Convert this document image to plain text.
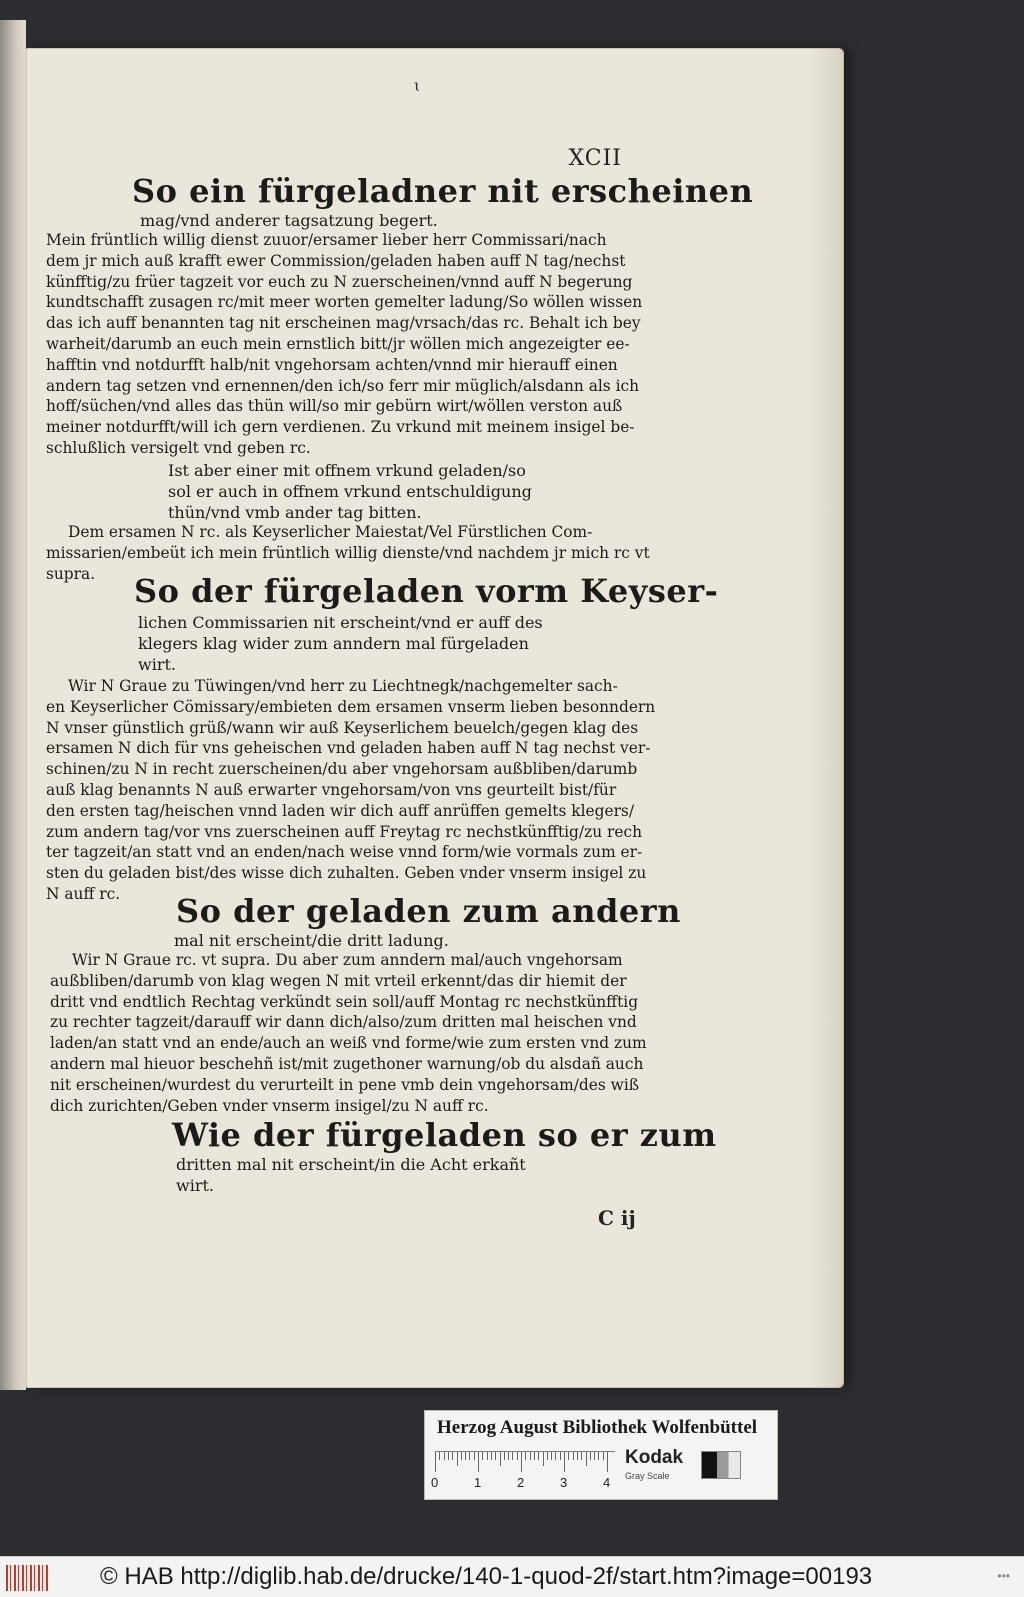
ɩ
XCII
So ein fürgeladner nit erscheinen
mag/vnd anderer tagsatzung begert.
Mein früntlich willig dienst zuuor/ersamer lieber herr Commissari/nach
dem jr mich auß krafft ewer Commission/geladen haben auff N tag/nechst
künfftig/zu früer tagzeit vor euch zu N zuerscheinen/vnnd auff N begerung
kundtschafft zusagen rc/mit meer worten gemelter ladung/So wöllen wissen
das ich auff benannten tag nit erscheinen mag/vrsach/das rc. Behalt ich bey
warheit/darumb an euch mein ernstlich bitt/jr wöllen mich angezeigter ee-
hafftin vnd notdurfft halb/nit vngehorsam achten/vnnd mir hierauff einen
andern tag setzen vnd ernennen/den ich/so ferr mir müglich/alsdann als ich
hoff/süchen/vnd alles das thün will/so mir gebürn wirt/wöllen verston auß
meiner notdurfft/will ich gern verdienen. Zu vrkund mit meinem insigel be-
schlußlich versigelt vnd geben rc.
Ist aber einer mit offnem vrkund geladen/so
sol er auch in offnem vrkund entschuldigung
thün/vnd vmb ander tag bitten.
Dem ersamen N rc. als Keyserlicher Maiestat/Vel Fürstlichen Com-
missarien/embeüt ich mein früntlich willig dienste/vnd nachdem jr mich rc vt
supra.	So der fürgeladen vorm Keyser-
lichen Commissarien nit erscheint/vnd er auff des
klegers klag wider zum anndern mal fürgeladen
wirt.
Wir N Graue zu Tüwingen/vnd herr zu Liechtnegk/nachgemelter sach-
en Keyserlicher Cömissary/embieten dem ersamen vnserm lieben besonndern
N vnser günstlich grüß/wann wir auß Keyserlichem beuelch/gegen klag des
ersamen N dich für vns geheischen vnd geladen haben auff N tag nechst ver-
schinen/zu N in recht zuerscheinen/du aber vngehorsam außbliben/darumb
auß klag benannts N auß erwarter vngehorsam/von vns geurteilt bist/für
den ersten tag/heischen vnnd laden wir dich auff anrüffen gemelts klegers/
zum andern tag/vor vns zuerscheinen auff Freytag rc nechstkünfftig/zu rech
ter tagzeit/an statt vnd an enden/nach weise vnnd form/wie vormals zum er-
sten du geladen bist/des wisse dich zuhalten. Geben vnder vnserm insigel zu
N auff rc.	So der geladen zum andern
mal nit erscheint/die dritt ladung.
Wir N Graue rc. vt supra. Du aber zum anndern mal/auch vngehorsam
außbliben/darumb von klag wegen N mit vrteil erkennt/das dir hiemit der
dritt vnd endtlich Rechtag verkündt sein soll/auff Montag rc nechstkünfftig
zu rechter tagzeit/darauff wir dann dich/also/zum dritten mal heischen vnd
laden/an statt vnd an ende/auch an weiß vnd forme/wie zum ersten vnd zum
andern mal hieuor beschehñ ist/mit zugethoner warnung/ob du alsdañ auch
nit erscheinen/wurdest du verurteilt in pene vmb dein vngehorsam/des wiß
dich zurichten/Geben vnder vnserm insigel/zu N auff rc.
Wie der fürgeladen so er zum
dritten mal nit erscheint/in die Acht erkañt
wirt.
C ij
Herzog August Bibliothek Wolfenbüttel
0	1	2	3	4
Kodak
Gray Scale
© HAB http://diglib.hab.de/drucke/140-1-quod-2f/start.htm?image=00193	•••
